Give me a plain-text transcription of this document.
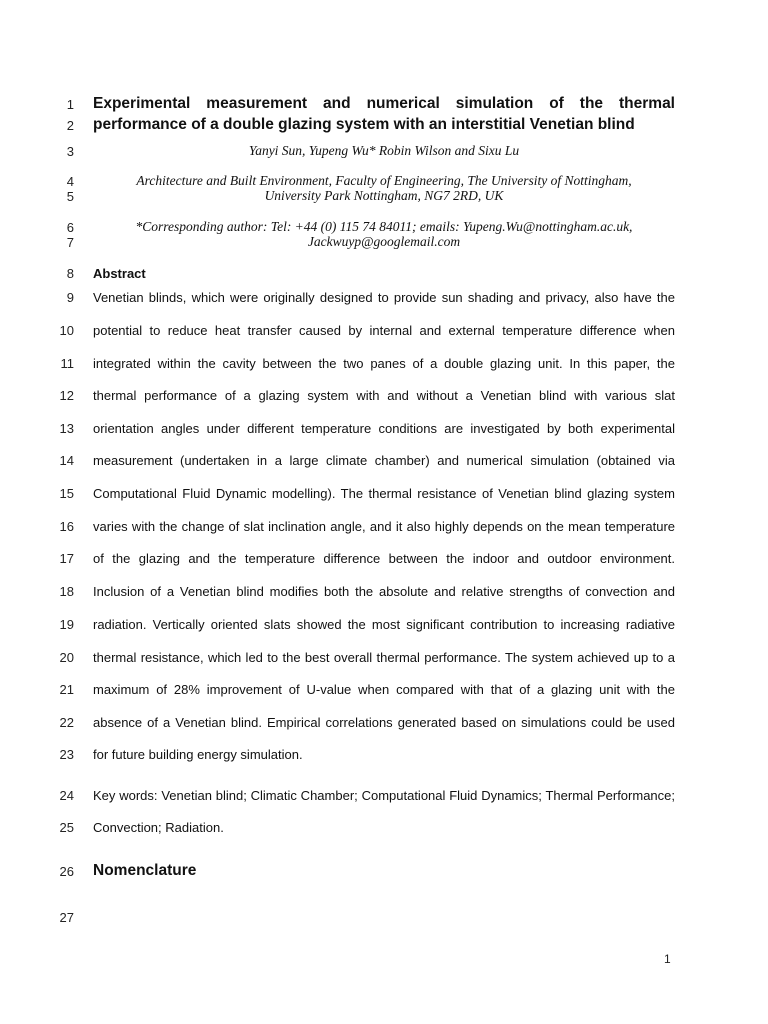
1
2
3
4
5
6
7
8
9
10
11
12
13
14
15
16
17
18
19
20
21
22
23
24
25
26
27
Experimental measurement and numerical simulation of the thermal
performance of a double glazing system with an interstitial Venetian blind
Yanyi Sun, Yupeng Wu* Robin Wilson and Sixu Lu
Architecture and Built Environment, Faculty of Engineering, The University of Nottingham,
University Park Nottingham, NG7 2RD, UK
*Corresponding author: Tel: +44 (0) 115 74 84011; emails: Yupeng.Wu@nottingham.ac.uk,
Jackwuyp@googlemail.com
Abstract
Venetian blinds, which were originally designed to provide sun shading and privacy, also have the
potential to reduce heat transfer caused by internal and external temperature difference when
integrated within the cavity between the two panes of a double glazing unit. In this paper, the
thermal performance of a glazing system with and without a Venetian blind with various slat
orientation angles under different temperature conditions are investigated by both experimental
measurement (undertaken in a large climate chamber) and numerical simulation (obtained via
Computational Fluid Dynamic modelling). The thermal resistance of Venetian blind glazing system
varies with the change of slat inclination angle, and it also highly depends on the mean temperature
of the glazing and the temperature difference between the indoor and outdoor environment.
Inclusion of a Venetian blind modifies both the absolute and relative strengths of convection and
radiation. Vertically oriented slats showed the most significant contribution to increasing radiative
thermal resistance, which led to the best overall thermal performance. The system achieved up to a
maximum of 28% improvement of U-value when compared with that of a glazing unit with the
absence of a Venetian blind. Empirical correlations generated based on simulations could be used
for future building energy simulation.
Key words: Venetian blind; Climatic Chamber; Computational Fluid Dynamics; Thermal Performance;
Convection; Radiation.
Nomenclature
1
